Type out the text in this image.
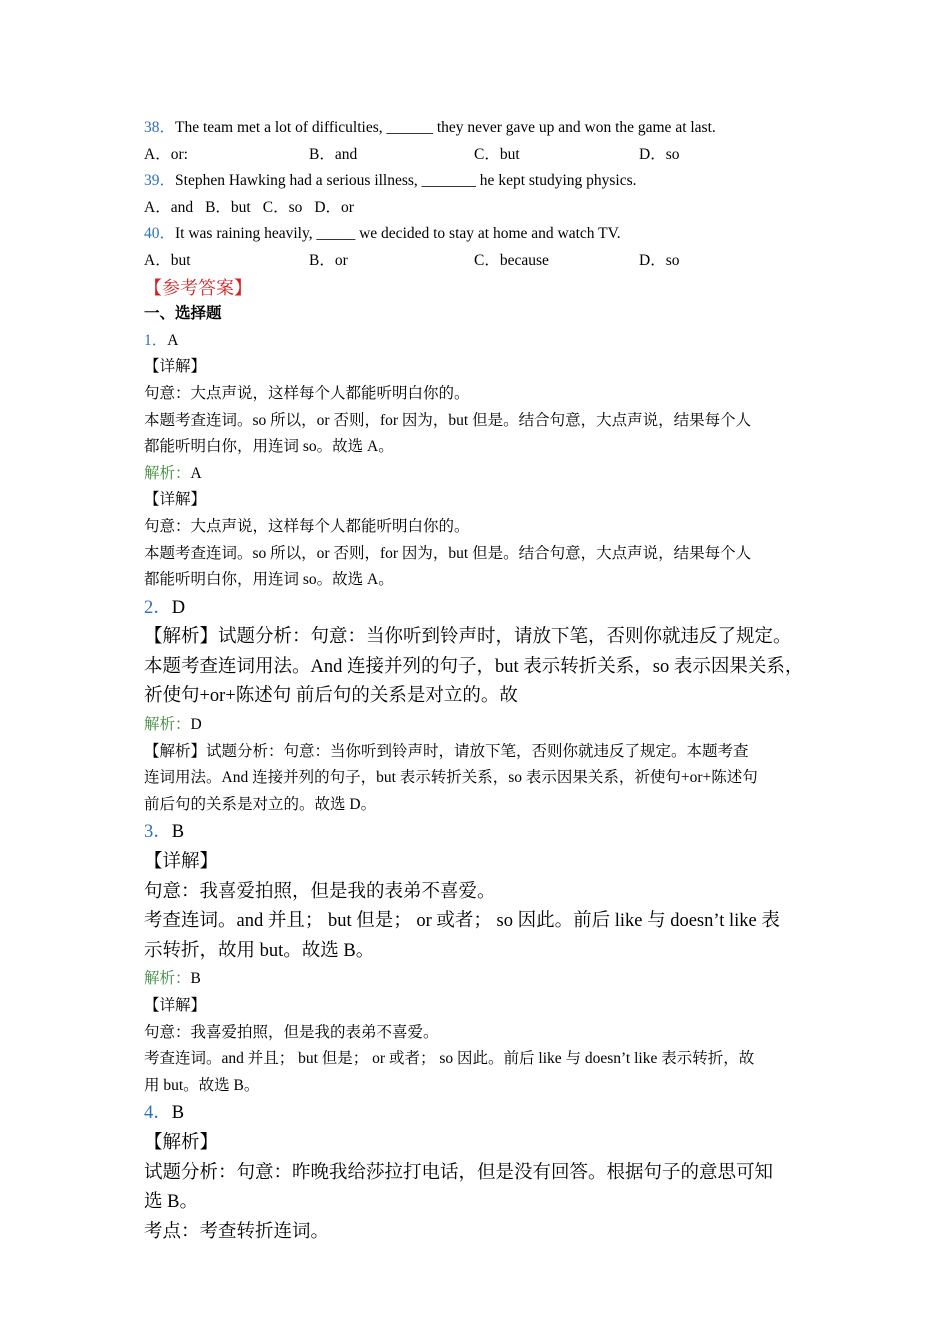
38．The team met a lot of difficulties, ______ they never gave up and won the game at last.
A．or:	B．and	C．but	D．so
39．Stephen Hawking had a serious illness, _______ he kept studying physics.
A．and B．but C．so D．or
40．It was raining heavily, _____ we decided to stay at home and watch TV.
A．but	B．or	C．because	D．so
【参考答案】
一、选择题
1．A
【详解】
句意：大点声说，这样每个人都能听明白你的。
本题考查连词。so 所以，or 否则，for 因为，but 但是。结合句意，大点声说，结果每个人
都能听明白你，用连词 so。故选 A。
解析：A
【详解】
句意：大点声说，这样每个人都能听明白你的。
本题考查连词。so 所以，or 否则，for 因为，but 但是。结合句意，大点声说，结果每个人
都能听明白你，用连词 so。故选 A。
2．D
【解析】试题分析：句意：当你听到铃声时，请放下笔，否则你就违反了规定。
本题考查连词用法。And 连接并列的句子，but 表示转折关系，so 表示因果关系，
祈使句+or+陈述句 前后句的关系是对立的。故
解析：D
【解析】试题分析：句意：当你听到铃声时，请放下笔，否则你就违反了规定。本题考查
连词用法。And 连接并列的句子，but 表示转折关系，so 表示因果关系，祈使句+or+陈述句
前后句的关系是对立的。故选 D。
3．B
【详解】
句意：我喜爱拍照，但是我的表弟不喜爱。
考查连词。and 并且； but 但是； or 或者； so 因此。前后 like 与 doesn’t like 表
示转折，故用 but。故选 B。
解析：B
【详解】
句意：我喜爱拍照，但是我的表弟不喜爱。
考查连词。and 并且； but 但是； or 或者； so 因此。前后 like 与 doesn’t like 表示转折，故
用 but。故选 B。
4．B
【解析】
试题分析：句意：昨晚我给莎拉打电话，但是没有回答。根据句子的意思可知
选 B。
考点：考查转折连词。
